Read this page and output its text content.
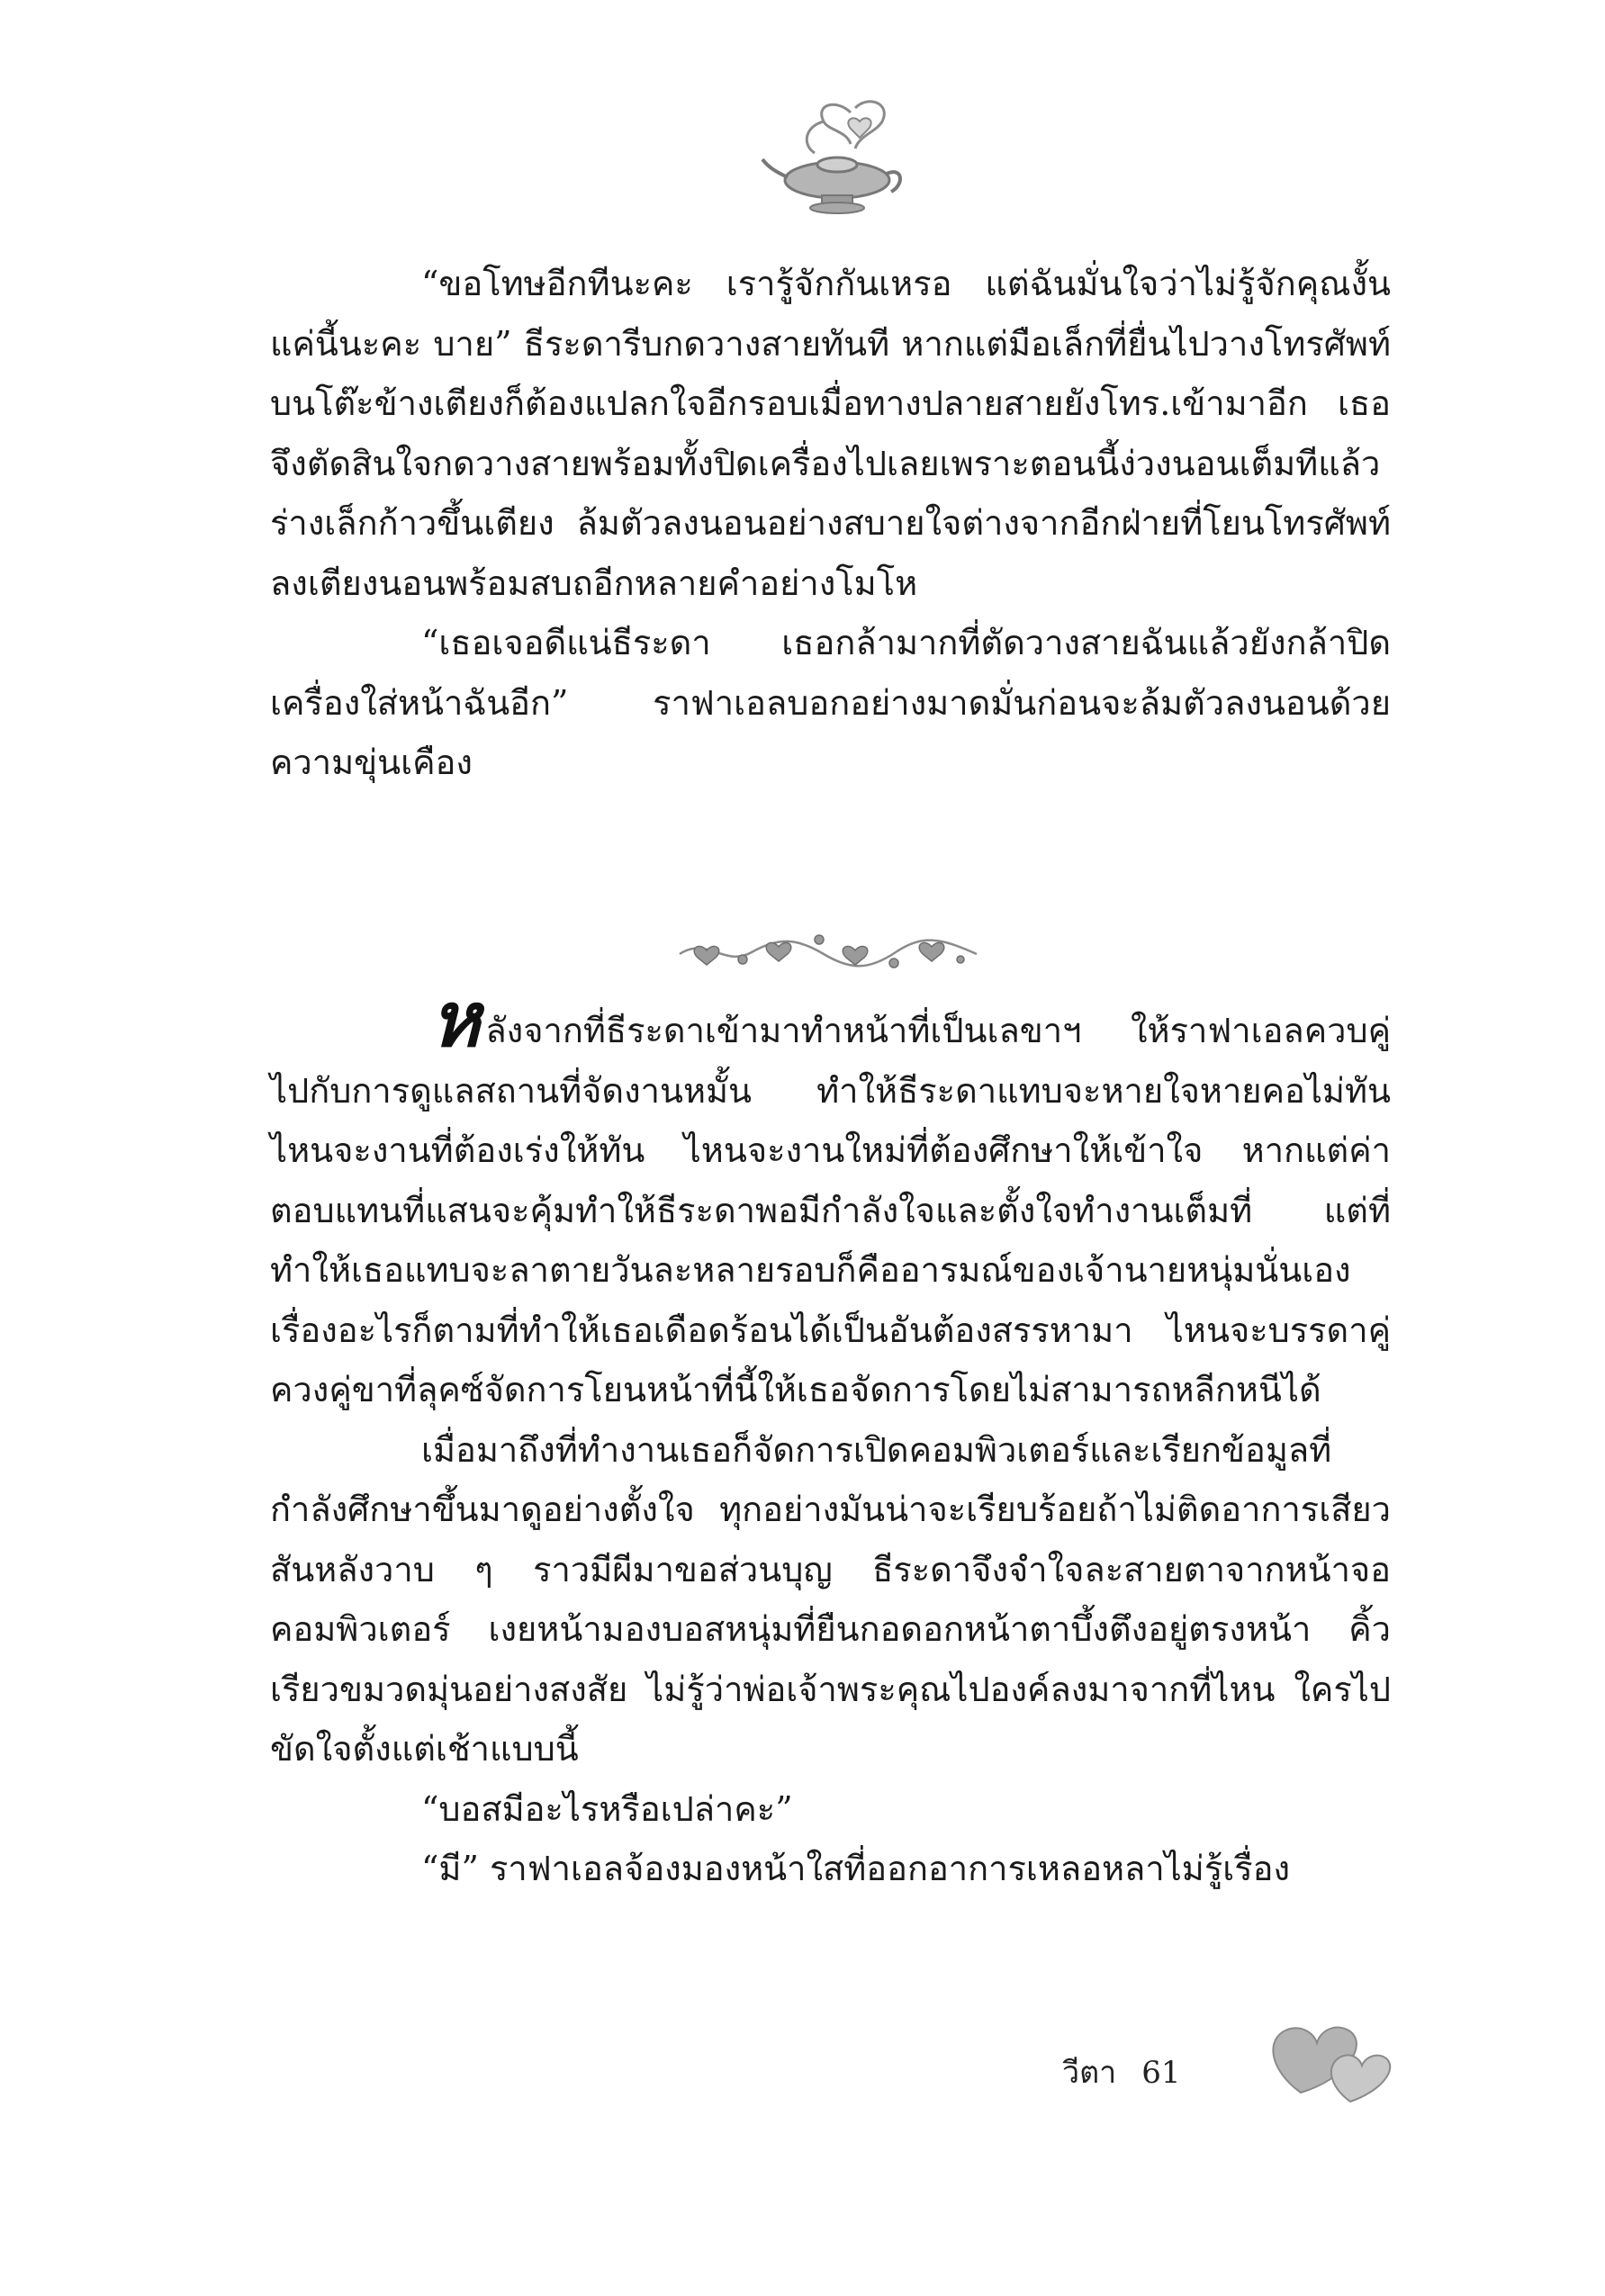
“ขอโทษอีกทีนะคะ เรารู้จักกันเหรอ แต่ฉันมั่นใจว่าไม่รู้จักคุณงั้นแค่นี้นะคะ บาย” ธีระดารีบกดวางสายทันที หากแต่มือเล็กที่ยื่นไปวางโทรศัพท์บนโต๊ะข้างเตียงก็ต้องแปลกใจอีกรอบเมื่อทางปลายสายยังโทร.เข้ามาอีก เธอจึงตัดสินใจกดวางสายพร้อมทั้งปิดเครื่องไปเลยเพราะตอนนี้ง่วงนอนเต็มทีแล้ว ร่างเล็กก้าวขึ้นเตียง ล้มตัวลงนอนอย่างสบายใจต่างจากอีกฝ่ายที่โยนโทรศัพท์ลงเตียงนอนพร้อมสบถอีกหลายคำอย่างโมโห

“เธอเจอดีแน่ธีระดา เธอกล้ามากที่ตัดวางสายฉันแล้วยังกล้าปิดเครื่องใส่หน้าฉันอีก” ราฟาเอลบอกอย่างมาดมั่นก่อนจะล้มตัวลงนอนด้วยความขุ่นเคือง

หลังจากที่ธีระดาเข้ามาทำหน้าที่เป็นเลขาฯ ให้ราฟาเอลควบคู่ไปกับการดูแลสถานที่จัดงานหมั้น ทำให้ธีระดาแทบจะหายใจหายคอไม่ทัน ไหนจะงานที่ต้องเร่งให้ทัน ไหนจะงานใหม่ที่ต้องศึกษาให้เข้าใจ หากแต่ค่าตอบแทนที่แสนจะคุ้มทำให้ธีระดาพอมีกำลังใจและตั้งใจทำงานเต็มที่ แต่ที่ทำให้เธอแทบจะลาตายวันละหลายรอบก็คืออารมณ์ของเจ้านายหนุ่มนั่นเอง เรื่องอะไรก็ตามที่ทำให้เธอเดือดร้อนได้เป็นอันต้องสรรหามา ไหนจะบรรดาคู่ควงคู่ขาที่ลุคซ์จัดการโยนหน้าที่นี้ให้เธอจัดการโดยไม่สามารถหลีกหนีได้

เมื่อมาถึงที่ทำงานเธอก็จัดการเปิดคอมพิวเตอร์และเรียกข้อมูลที่กำลังศึกษาขึ้นมาดูอย่างตั้งใจ ทุกอย่างมันน่าจะเรียบร้อยถ้าไม่ติดอาการเสียวสันหลังวาบ ๆ ราวมีผีมาขอส่วนบุญ ธีระดาจึงจำใจละสายตาจากหน้าจอคอมพิวเตอร์ เงยหน้ามองบอสหนุ่มที่ยืนกอดอกหน้าตาบึ้งตึงอยู่ตรงหน้า คิ้วเรียวขมวดมุ่นอย่างสงสัย ไม่รู้ว่าพ่อเจ้าพระคุณไปองค์ลงมาจากที่ไหน ใครไปขัดใจตั้งแต่เช้าแบบนี้

“บอสมีอะไรหรือเปล่าคะ”

“มี” ราฟาเอลจ้องมองหน้าใสที่ออกอาการเหลอหลาไม่รู้เรื่อง

วีตา 61
